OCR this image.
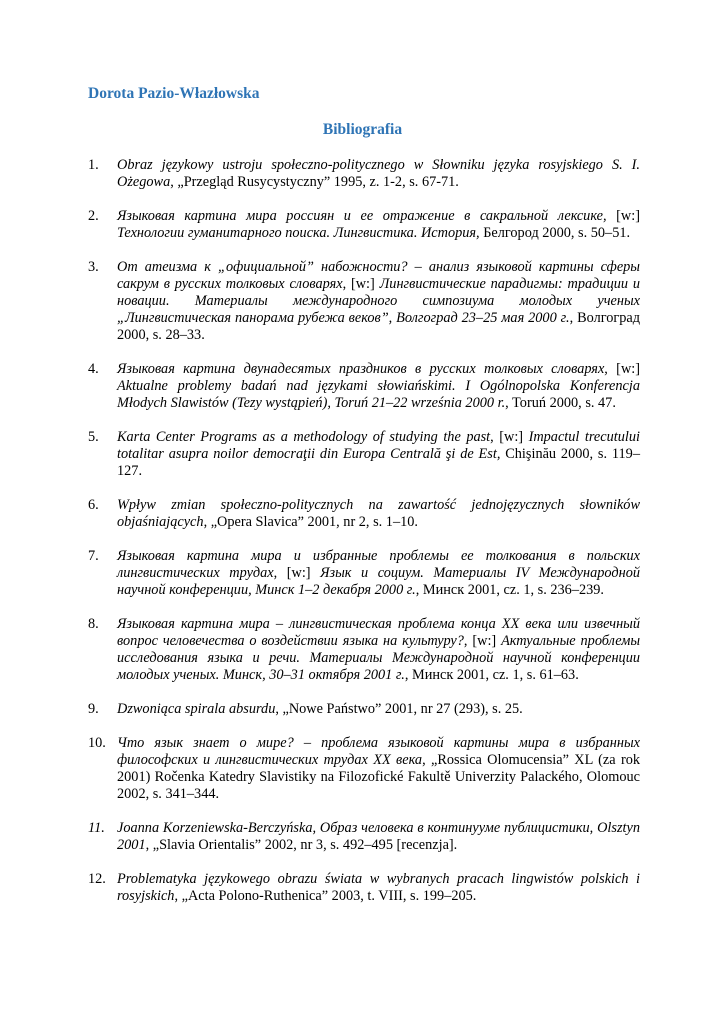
Dorota Pazio-Włazłowska
Bibliografia
1. Obraz językowy ustroju społeczno-politycznego w Słowniku języka rosyjskiego S. I. Ożegowa, „Przegląd Rusycystyczny” 1995, z. 1-2, s. 67-71.
2. Языковая картина мира россиян и ее отражение в сакральной лексике, [w:] Технологии гуманитарного поиска. Лингвистика. История, Белгород 2000, s. 50–51.
3. От атеизма к „официальной” набожности? – анализ языковой картины сферы сакрум в русских толковых словарях, [w:] Лингвистические парадигмы: традиции и новации. Материалы международного симпозиума молодых ученых „Лингвистическая панорама рубежа веков”, Волгоград 23–25 мая 2000 г., Волгоград 2000, s. 28–33.
4. Языковая картина двунадесятых праздников в русских толковых словарях, [w:] Aktualne problemy badań nad językami słowiańskimi. I Ogólnopolska Konferencja Młodych Slawistów (Tezy wystąpień), Toruń 21–22 września 2000 r., Toruń 2000, s. 47.
5. Karta Center Programs as a methodology of studying the past, [w:] Impactul trecutului totalitar asupra noilor democraţii din Europa Centrală şi de Est, Chişinău 2000, s. 119–127.
6. Wpływ zmian społeczno-politycznych na zawartość jednojęzycznych słowników objaśniających, „Opera Slavica” 2001, nr 2, s. 1–10.
7. Языковая картина мира и избранные проблемы ее толкования в польских лингвистических трудах, [w:] Язык и социум. Материалы IV Международной научной конференции, Минск 1–2 декабря 2000 г., Минск 2001, cz. 1, s. 236–239.
8. Языковая картина мира – лингвистическая проблема конца XX века или извечный вопрос человечества о воздействии языка на культуру?, [w:] Актуальные проблемы исследования языка и речи. Материалы Международной научной конференции молодых ученых. Минск, 30–31 октября 2001 г., Минск 2001, cz. 1, s. 61–63.
9. Dzwoniąca spirala absurdu, „Nowe Państwo” 2001, nr 27 (293), s. 25.
10. Что язык знает о мире? – проблема языковой картины мира в избранных философских и лингвистических трудах XX века, „Rossica Olomucensia” XL (za rok 2001) Ročenka Katedry Slavistiky na Filozofické Fakultě Univerzity Palackého, Olomouc 2002, s. 341–344.
11. Joanna Korzeniewska-Berczyńska, Образ человека в континууме публицистики, Olsztyn 2001, „Slavia Orientalis” 2002, nr 3, s. 492–495 [recenzja].
12. Problematyka językowego obrazu świata w wybranych pracach lingwistów polskich i rosyjskich, „Acta Polono-Ruthenica” 2003, t. VIII, s. 199–205.
